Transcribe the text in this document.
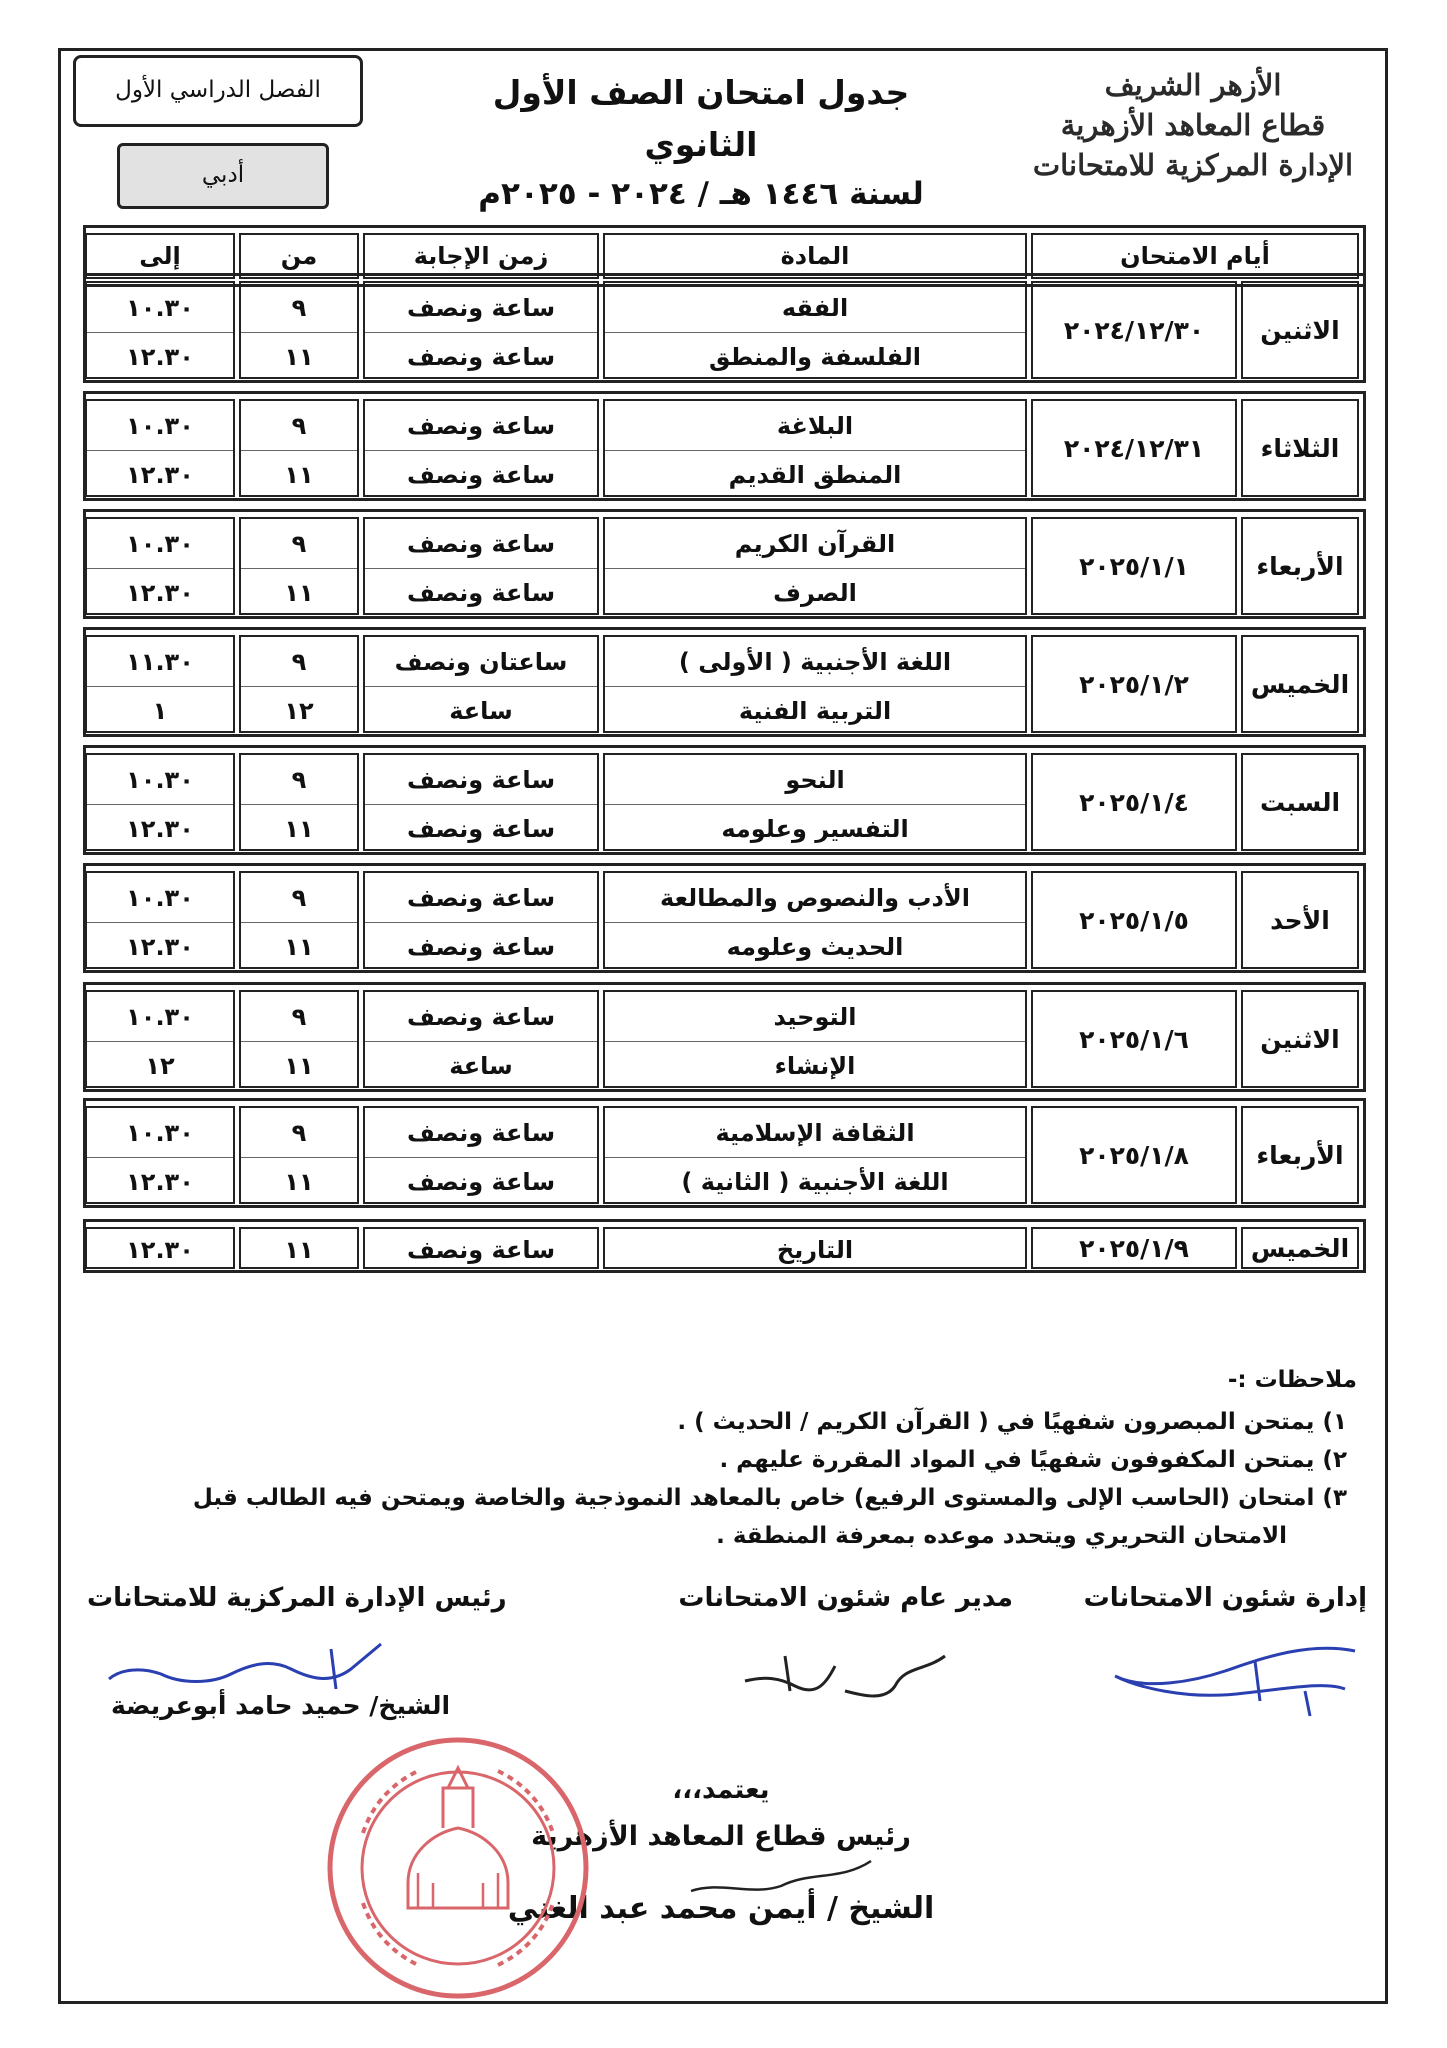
الأزهر الشريف
قطاع المعاهد الأزهرية
الإدارة المركزية للامتحانات
جدول امتحان الصف الأول الثانوي
لسنة ١٤٤٦ هـ / ٢٠٢٤ - ٢٠٢٥م
الفصل الدراسي الأول
أدبي
أيام الامتحان
المادة
زمن الإجابة
من
إلى
الاثنين
٢٠٢٤/١٢/٣٠
الفقه
الفلسفة والمنطق
ساعة ونصف
ساعة ونصف
٩
١١
١٠.٣٠
١٢.٣٠
الثلاثاء
٢٠٢٤/١٢/٣١
البلاغة
المنطق القديم
ساعة ونصف
ساعة ونصف
٩
١١
١٠.٣٠
١٢.٣٠
الأربعاء
٢٠٢٥/١/١
القرآن الكريم
الصرف
ساعة ونصف
ساعة ونصف
٩
١١
١٠.٣٠
١٢.٣٠
الخميس
٢٠٢٥/١/٢
اللغة الأجنبية ( الأولى )
التربية الفنية
ساعتان ونصف
ساعة
٩
١٢
١١.٣٠
١
السبت
٢٠٢٥/١/٤
النحو
التفسير وعلومه
ساعة ونصف
ساعة ونصف
٩
١١
١٠.٣٠
١٢.٣٠
الأحد
٢٠٢٥/١/٥
الأدب والنصوص والمطالعة
الحديث وعلومه
ساعة ونصف
ساعة ونصف
٩
١١
١٠.٣٠
١٢.٣٠
الاثنين
٢٠٢٥/١/٦
التوحيد
الإنشاء
ساعة ونصف
ساعة
٩
١١
١٠.٣٠
١٢
الأربعاء
٢٠٢٥/١/٨
الثقافة الإسلامية
اللغة الأجنبية ( الثانية )
ساعة ونصف
ساعة ونصف
٩
١١
١٠.٣٠
١٢.٣٠
الخميس
٢٠٢٥/١/٩
التاريخ
ساعة ونصف
١١
١٢.٣٠
ملاحظات :-
١) يمتحن المبصرون شفهيًا في ( القرآن الكريم / الحديث ) .
٢) يمتحن المكفوفون شفهيًا في المواد المقررة عليهم .
٣) امتحان (الحاسب الإلى والمستوى الرفيع) خاص بالمعاهد النموذجية والخاصة ويمتحن فيه الطالب قبل
الامتحان التحريري ويتحدد موعده بمعرفة المنطقة .
إدارة شئون الامتحانات
مدير عام شئون الامتحانات
رئيس الإدارة المركزية للامتحانات
الشيخ/ حميد حامد أبوعريضة
يعتمد،،،
رئيس قطاع المعاهد الأزهرية
الشيخ / أيمن محمد عبد الغني
